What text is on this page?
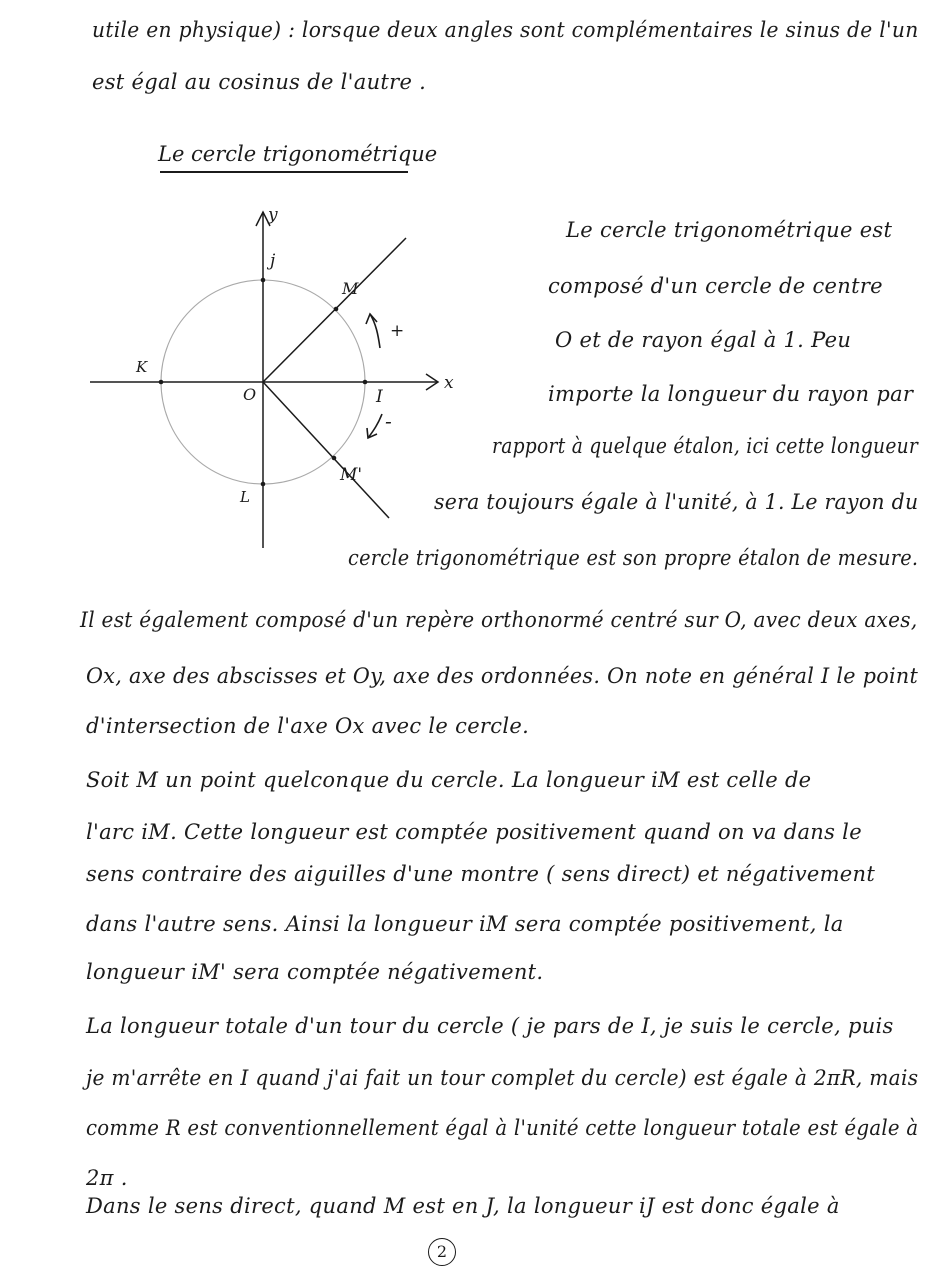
utile en physique) : lorsque deux angles sont complémentaires le sinus de l'un
est égal au cosinus de l'autre .
Le cercle trigonométrique
y
x
j
M
+
K
O	I
-
M'
L
Le cercle trigonométrique est
composé d'un cercle de centre
O et de rayon égal à 1. Peu
importe la longueur du rayon par
rapport à quelque étalon, ici cette longueur
sera toujours égale à l'unité, à 1. Le rayon du
cercle trigonométrique est son propre étalon de mesure.
Il est également composé d'un repère orthonormé centré sur O, avec deux axes,
Ox, axe des abscisses et Oy, axe des ordonnées. On note en général I le point
d'intersection de l'axe Ox avec le cercle.
Soit M un point quelconque du cercle. La longueur iM est celle de
l'arc iM. Cette longueur est comptée positivement quand on va dans le
sens contraire des aiguilles d'une montre ( sens direct) et négativement
dans l'autre sens. Ainsi la longueur iM sera comptée positivement, la
longueur iM' sera comptée négativement.
La longueur totale d'un tour du cercle ( je pars de I, je suis le cercle, puis
je m'arrête en I quand j'ai fait un tour complet du cercle) est égale à 2πR, mais
comme R est conventionnellement égal à l'unité cette longueur totale est égale à
2π .
Dans le sens direct, quand M est en J, la longueur iJ est donc égale à
2
